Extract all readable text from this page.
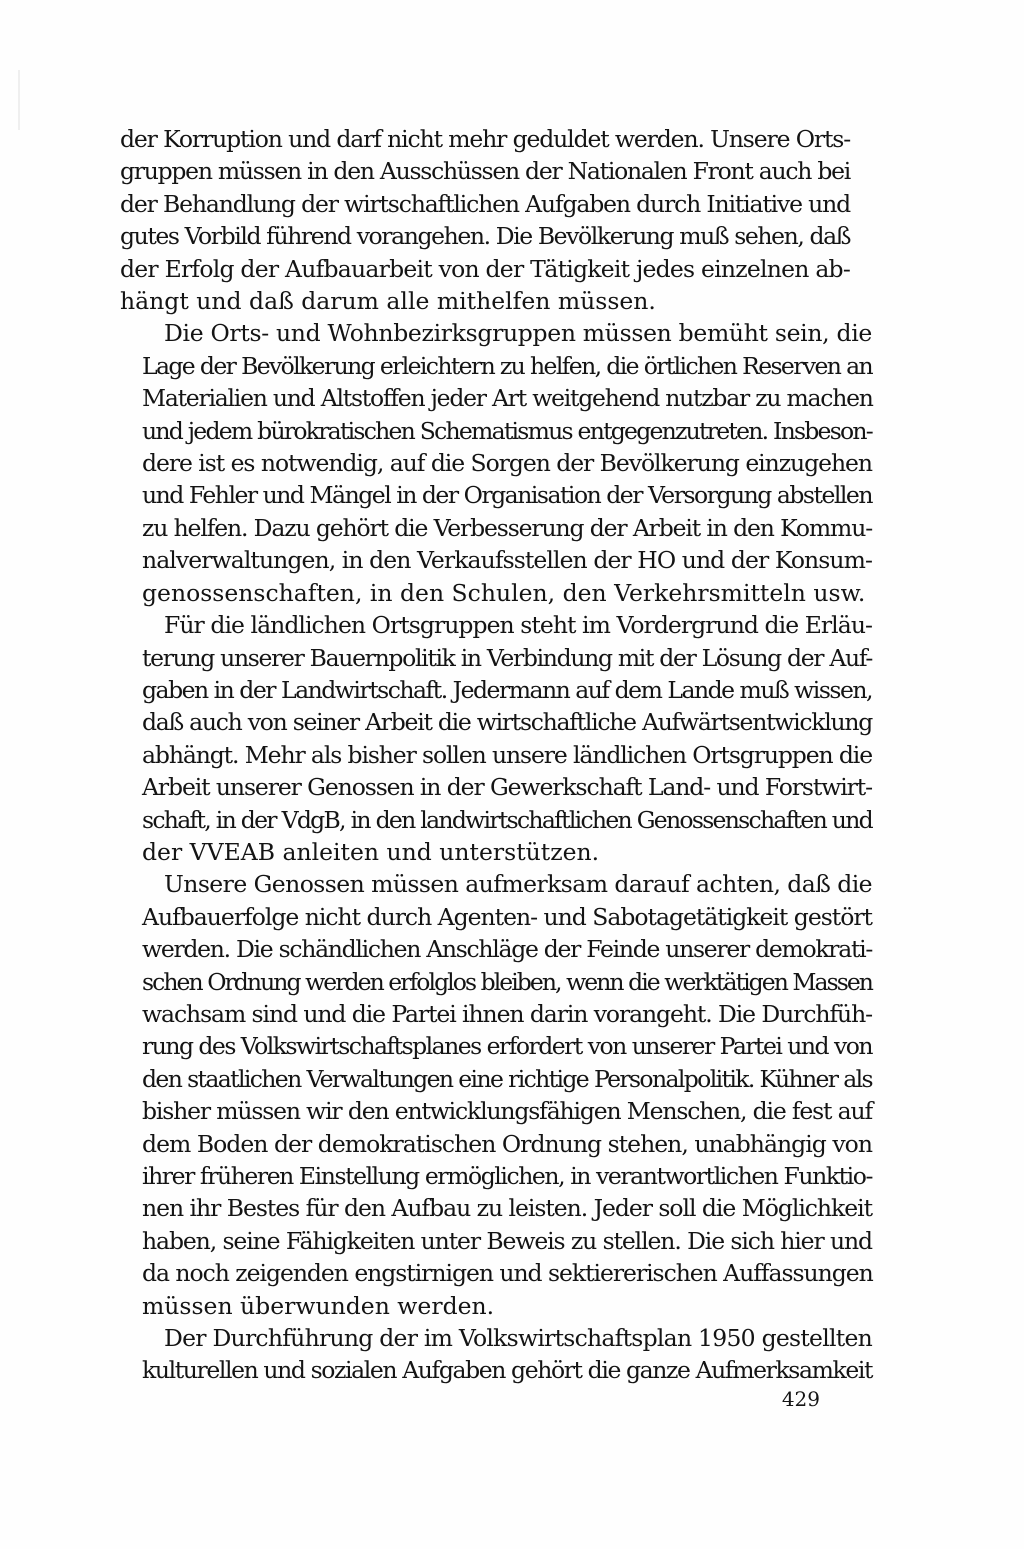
der Korruption und darf nicht mehr geduldet werden. Unsere Orts-
gruppen müssen in den Ausschüssen der Nationalen Front auch bei
der Behandlung der wirtschaftlichen Aufgaben durch Initiative und
gutes Vorbild führend vorangehen. Die Bevölkerung muß sehen, daß
der Erfolg der Aufbauarbeit von der Tätigkeit jedes einzelnen ab-
hängt und daß darum alle mithelfen müssen.
Die Orts- und Wohnbezirksgruppen müssen bemüht sein, die
Lage der Bevölkerung erleichtern zu helfen, die örtlichen Reserven an
Materialien und Altstoffen jeder Art weitgehend nutzbar zu machen
und jedem bürokratischen Schematismus entgegenzutreten. Insbeson-
dere ist es notwendig, auf die Sorgen der Bevölkerung einzugehen
und Fehler und Mängel in der Organisation der Versorgung abstellen
zu helfen. Dazu gehört die Verbesserung der Arbeit in den Kommu-
nalverwaltungen, in den Verkaufsstellen der HO und der Konsum-
genossenschaften, in den Schulen, den Verkehrsmitteln usw.
Für die ländlichen Ortsgruppen steht im Vordergrund die Erläu-
terung unserer Bauernpolitik in Verbindung mit der Lösung der Auf-
gaben in der Landwirtschaft. Jedermann auf dem Lande muß wissen,
daß auch von seiner Arbeit die wirtschaftliche Aufwärtsentwicklung
abhängt. Mehr als bisher sollen unsere ländlichen Ortsgruppen die
Arbeit unserer Genossen in der Gewerkschaft Land- und Forstwirt-
schaft, in der VdgB, in den landwirtschaftlichen Genossenschaften und
der VVEAB anleiten und unterstützen.
Unsere Genossen müssen aufmerksam darauf achten, daß die
Aufbauerfolge nicht durch Agenten- und Sabotagetätigkeit gestört
werden. Die schändlichen Anschläge der Feinde unserer demokrati-
schen Ordnung werden erfolglos bleiben, wenn die werktätigen Massen
wachsam sind und die Partei ihnen darin vorangeht. Die Durchfüh-
rung des Volkswirtschaftsplanes erfordert von unserer Partei und von
den staatlichen Verwaltungen eine richtige Personalpolitik. Kühner als
bisher müssen wir den entwicklungsfähigen Menschen, die fest auf
dem Boden der demokratischen Ordnung stehen, unabhängig von
ihrer früheren Einstellung ermöglichen, in verantwortlichen Funktio-
nen ihr Bestes für den Aufbau zu leisten. Jeder soll die Möglichkeit
haben, seine Fähigkeiten unter Beweis zu stellen. Die sich hier und
da noch zeigenden engstirnigen und sektiererischen Auffassungen
müssen überwunden werden.
Der Durchführung der im Volkswirtschaftsplan 1950 gestellten
kulturellen und sozialen Aufgaben gehört die ganze Aufmerksamkeit
429
